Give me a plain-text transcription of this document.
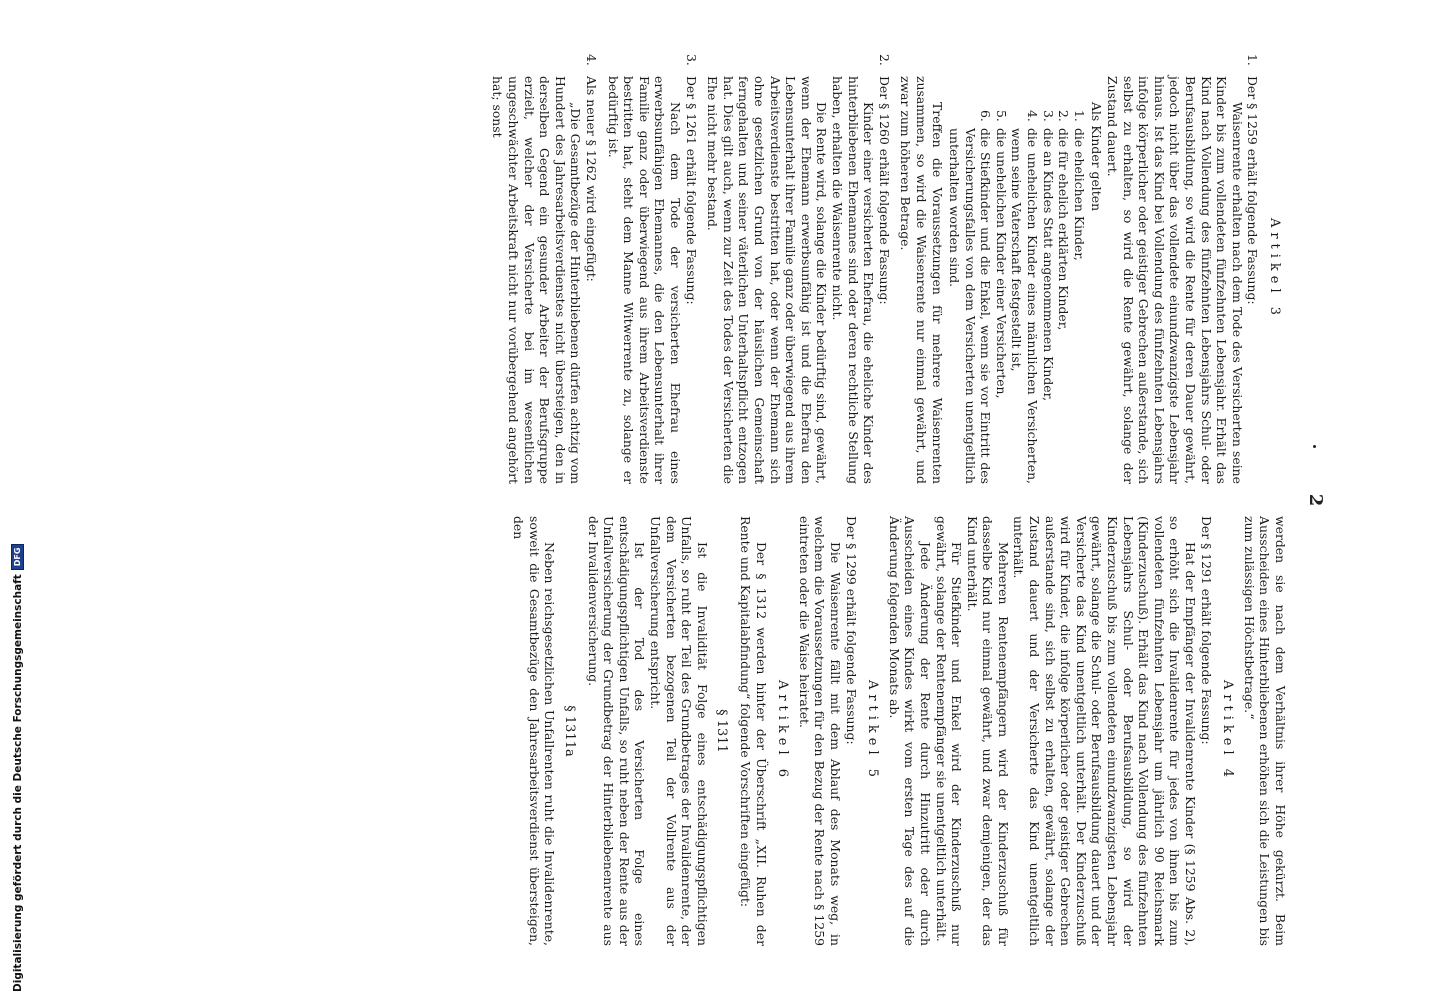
Digitalisierung gefördert durch die Deutsche Forschungsgemeinschaft
DFG
2
Artikel 3
1.

Der § 1259 erhält folgende Fassung:

Waisenrente erhalten nach dem Tode des Versicherten seine Kinder bis zum vollendeten fünfzehnten Lebensjahr. Erhält das Kind nach Vollendung des fünfzehnten Lebensjahrs Schul- oder Berufsausbildung, so wird die Rente für deren Dauer gewährt, jedoch nicht über das vollendete einundzwanzigste Lebensjahr hinaus. Ist das Kind bei Vollendung des fünfzehnten Lebensjahrs infolge körperlicher oder geistiger Gebrechen außerstande, sich selbst zu erhalten, so wird die Rente gewährt, solange der Zustand dauert.

Als Kinder gelten

1.
die ehelichen Kinder,
2.
die für ehelich erklärten Kinder,
3.
die an Kindes Statt angenommenen Kinder,
4.
die unehelichen Kinder eines männlichen Versicherten, wenn seine Vaterschaft festgestellt ist,
5.
die unehelichen Kinder einer Versicherten,
6.
die Stiefkinder und die Enkel, wenn sie vor Eintritt des Versicherungsfalles von dem Versicherten unentgeltlich unterhalten worden sind.

Treffen die Voraussetzungen für mehrere Waisenrenten zusammen, so wird die Waisenrente nur einmal gewährt, und zwar zum höheren Betrage.

2.

Der § 1260 erhält folgende Fassung:

Kinder einer versicherten Ehefrau, die eheliche Kinder des hinterbliebenen Ehemannes sind oder deren rechtliche Stellung haben, erhalten die Waisenrente nicht.

Die Rente wird, solange die Kinder bedürftig sind, gewährt, wenn der Ehemann erwerbsunfähig ist und die Ehefrau den Lebensunterhalt ihrer Familie ganz oder überwiegend aus ihrem Arbeitsverdienste bestritten hat, oder wenn der Ehemann sich ohne gesetzlichen Grund von der häuslichen Gemeinschaft ferngehalten und seiner väterlichen Unterhaltspflicht entzogen hat. Dies gilt auch, wenn zur Zeit des Todes der Versicherten die Ehe nicht mehr bestand.

3.

Der § 1261 erhält folgende Fassung:

Nach dem Tode der versicherten Ehefrau eines erwerbsunfähigen Ehemannes, die den Lebensunterhalt ihrer Familie ganz oder überwiegend aus ihrem Arbeitsverdienste bestritten hat, steht dem Manne Witwerrente zu, solange er bedürftig ist.

4.

Als neuer § 1262 wird eingefügt:

„Die Gesamtbezüge der Hinterbliebenen dürfen achtzig vom Hundert des Jahresarbeitsverdienstes nicht übersteigen, den in derselben Gegend ein gesunder Arbeiter der Berufsgruppe erzielt, welcher der Versicherte bei im wesentlichen ungeschwächter Arbeitskraft nicht nur vorübergehend angehört hat; sonst

werden sie nach dem Verhältnis ihrer Höhe gekürzt. Beim Ausscheiden eines Hinterbliebenen erhöhen sich die Leistungen bis zum zulässigen Höchstbetrage.“

Artikel 4

Der § 1291 erhält folgende Fassung:

Hat der Empfänger der Invalidenrente Kinder (§ 1259 Abs. 2), so erhöht sich die Invalidenrente für jedes von ihnen bis zum vollendeten fünfzehnten Lebensjahr um jährlich 90 Reichsmark (Kinderzuschuß). Erhält das Kind nach Vollendung des fünfzehnten Lebensjahrs Schul- oder Berufsausbildung, so wird der Kinderzuschuß bis zum vollendeten einundzwanzigsten Lebensjahr gewährt, solange die Schul- oder Berufsausbildung dauert und der Versicherte das Kind unentgeltlich unterhält. Der Kinderzuschuß wird für Kinder, die infolge körperlicher oder geistiger Gebrechen außerstande sind, sich selbst zu erhalten, gewährt, solange der Zustand dauert und der Versicherte das Kind unentgeltlich unterhält.

Mehreren Rentenempfängern wird der Kinderzuschuß für dasselbe Kind nur einmal gewährt, und zwar demjenigen, der das Kind unterhält.

Für Stiefkinder und Enkel wird der Kinderzuschuß nur gewährt, solange der Rentenempfänger sie unentgeltlich unterhält.

Jede Änderung der Rente durch Hinzutritt oder durch Ausscheiden eines Kindes wirkt vom ersten Tage des auf die Änderung folgenden Monats ab.

Artikel 5

Der § 1299 erhält folgende Fassung:

Die Waisenrente fällt mit dem Ablauf des Monats weg, in welchem die Voraussetzungen für den Bezug der Rente nach § 1259 eintreten oder die Waise heiratet.

Artikel 6

Der § 1312 werden hinter der Überschrift „XII. Ruhen der Rente und Kapitalabfindung“ folgende Vorschriften eingefügt:

§ 1311

Ist die Invalidität Folge eines entschädigungspflichtigen Unfalls, so ruht der Teil des Grundbetrages der Invalidenrente, der dem Versicherten bezogenen Teil der Vollrente aus der Unfallversicherung entspricht.

Ist der Tod des Versicherten Folge eines entschädigungspflichtigen Unfalls, so ruht neben der Rente aus der Unfallversicherung der Grundbetrag der Hinterbliebenenrente aus der Invalidenversicherung.

§ 1311a

Neben reichsgesetzlichen Unfallrenten ruht die Invalidenrente, soweit die Gesamtbezüge den Jahresarbeitsverdienst übersteigen, den
